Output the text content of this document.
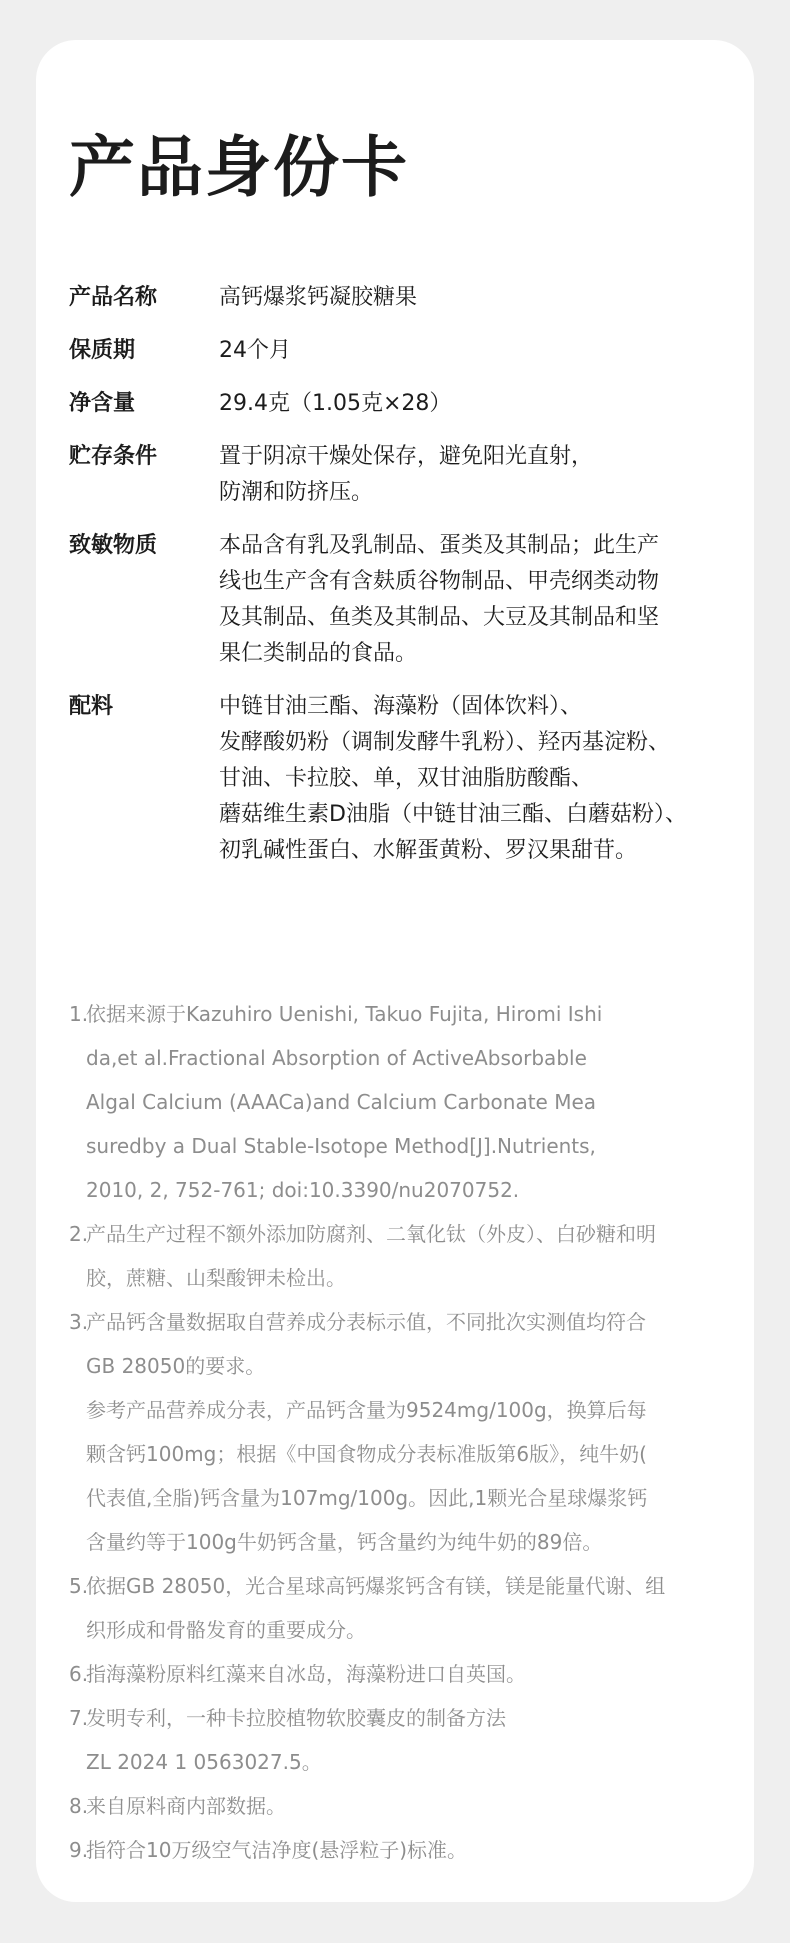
产品身份卡
产品名称	高钙爆浆钙凝胶糖果
保质期	24个月
净含量	29.4克（1.05克×28）
贮存条件	置于阴凉干燥处保存，避免阳光直射，
防潮和防挤压。
致敏物质	本品含有乳及乳制品、蛋类及其制品；此生产
线也生产含有含麸质谷物制品、甲壳纲类动物
及其制品、鱼类及其制品、大豆及其制品和坚
果仁类制品的食品。
配料	中链甘油三酯、海藻粉（固体饮料）、
发酵酸奶粉（调制发酵牛乳粉）、羟丙基淀粉、
甘油、卡拉胶、单，双甘油脂肪酸酯、
蘑菇维生素D油脂（中链甘油三酯、白蘑菇粉）、
初乳碱性蛋白、水解蛋黄粉、罗汉果甜苷。
1.
依据来源于Kazuhiro Uenishi, Takuo Fujita, Hiromi Ishi
da,et al.Fractional Absorption of ActiveAbsorbable
Algal Calcium (AAACa)and Calcium Carbonate Mea
suredby a Dual Stable-Isotope Method[J].Nutrients,
2010, 2, 752-761; doi:10.3390/nu2070752.
2.
产品生产过程不额外添加防腐剂、二氧化钛（外皮）、白砂糖和明
胶，蔗糖、山梨酸钾未检出。
3.
产品钙含量数据取自营养成分表标示值，不同批次实测值均符合
GB 28050的要求。
参考产品营养成分表，产品钙含量为9524mg/100g，换算后每
颗含钙100mg；根据《中国食物成分表标准版第6版》，纯牛奶(
代表值,全脂)钙含量为107mg/100g。因此,1颗光合星球爆浆钙
含量约等于100g牛奶钙含量，钙含量约为纯牛奶的89倍。
5.
依据GB 28050，光合星球高钙爆浆钙含有镁，镁是能量代谢、组
织形成和骨骼发育的重要成分。
6.
指海藻粉原料红藻来自冰岛，海藻粉进口自英国。
7.
发明专利，一种卡拉胶植物软胶囊皮的制备方法
ZL 2024 1 0563027.5。
8.
来自原料商内部数据。
9.
指符合10万级空气洁净度(悬浮粒子)标准。
